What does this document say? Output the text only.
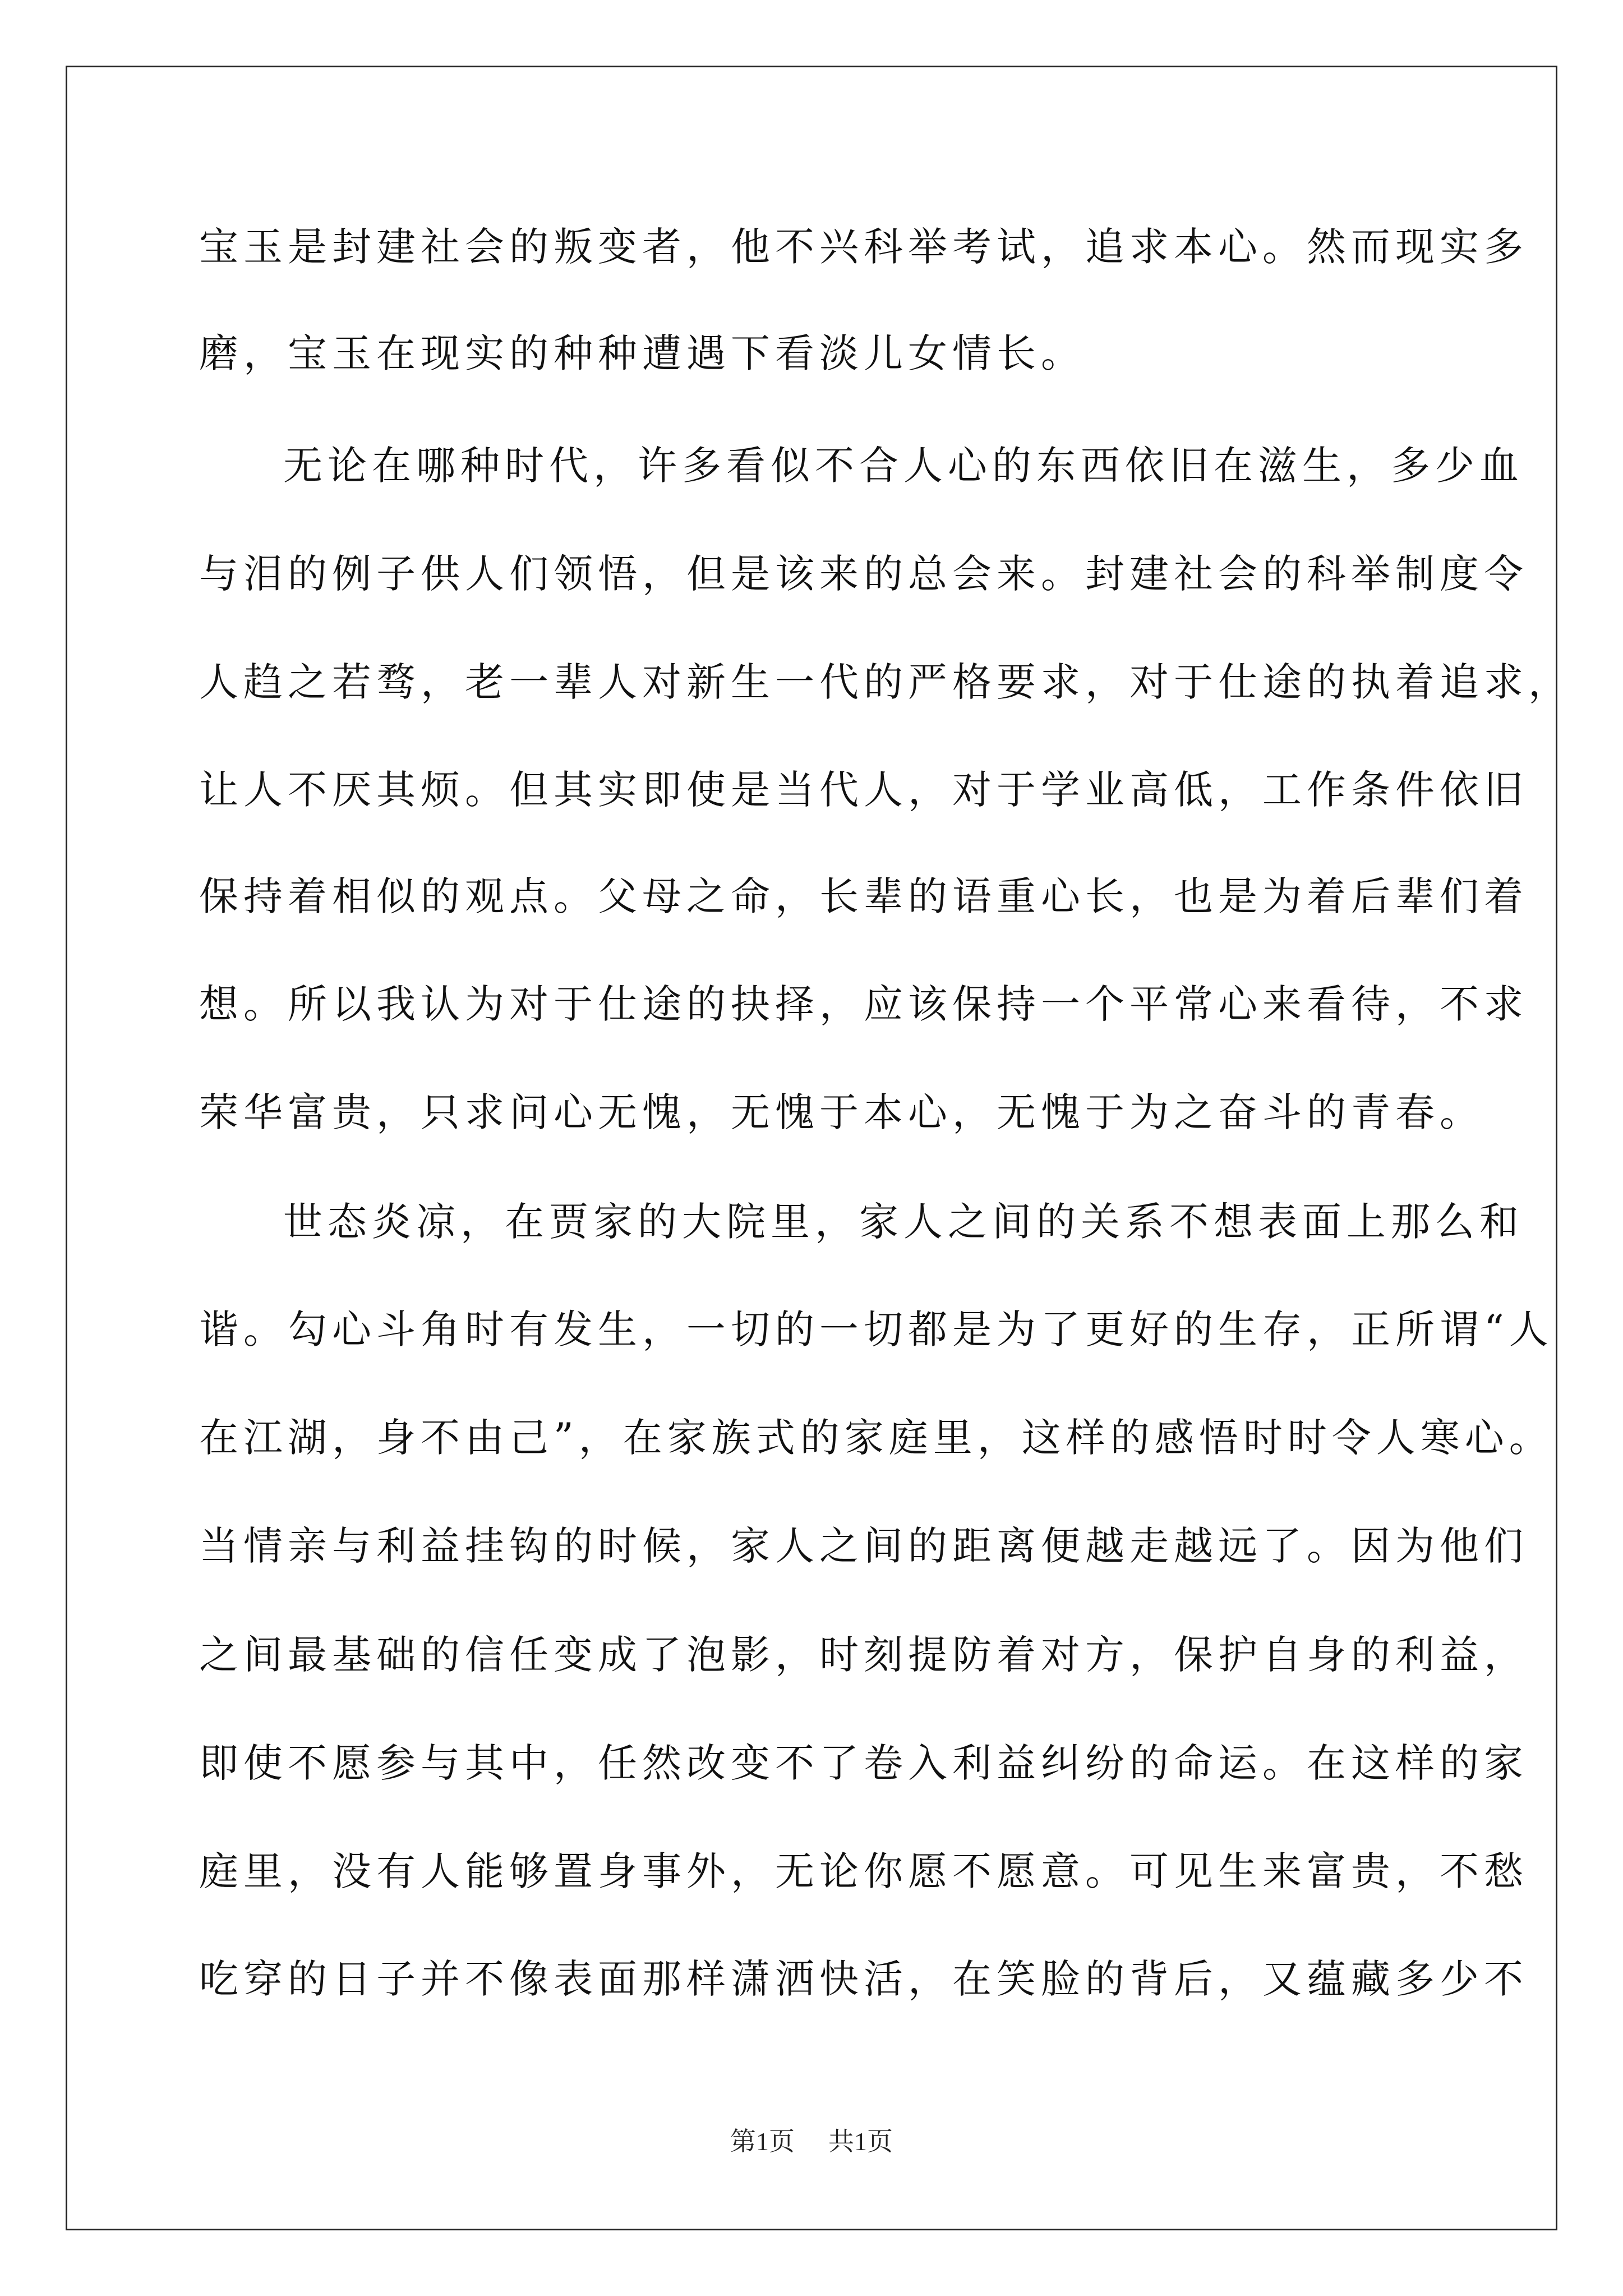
宝玉是封建社会的叛变者，他不兴科举考试，追求本心。然而现实多
磨，宝玉在现实的种种遭遇下看淡儿女情长。
无论在哪种时代，许多看似不合人心的东西依旧在滋生，多少血
与泪的例子供人们领悟，但是该来的总会来。封建社会的科举制度令
人趋之若骛，老一辈人对新生一代的严格要求，对于仕途的执着追求，
让人不厌其烦。但其实即使是当代人，对于学业高低，工作条件依旧
保持着相似的观点。父母之命，长辈的语重心长，也是为着后辈们着
想。所以我认为对于仕途的抉择，应该保持一个平常心来看待，不求
荣华富贵，只求问心无愧，无愧于本心，无愧于为之奋斗的青春。
世态炎凉，在贾家的大院里，家人之间的关系不想表面上那么和
谐。勾心斗角时有发生，一切的一切都是为了更好的生存，正所谓“人
在江湖，身不由己”，在家族式的家庭里，这样的感悟时时令人寒心。
当情亲与利益挂钩的时候，家人之间的距离便越走越远了。因为他们
之间最基础的信任变成了泡影，时刻提防着对方，保护自身的利益，
即使不愿参与其中，任然改变不了卷入利益纠纷的命运。在这样的家
庭里，没有人能够置身事外，无论你愿不愿意。可见生来富贵，不愁
吃穿的日子并不像表面那样潇洒快活，在笑脸的背后，又蕴藏多少不
第1页 共1页
